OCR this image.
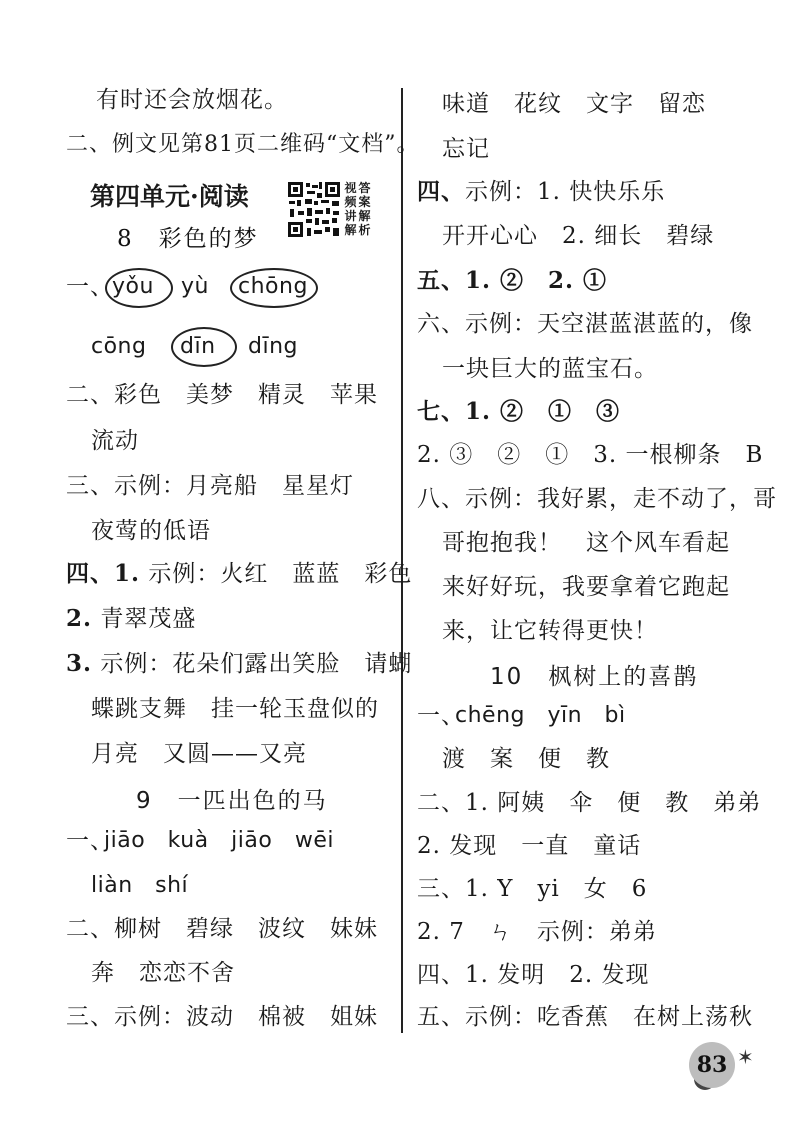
有时还会放烟花。
二、例文见第81页二维码“文档”。
第四单元·阅读	视频讲解
答案解析
8　彩色的梦
一、
yǒu yù chōng
cōng dīn dīng
二、彩色　美梦　精灵　苹果
流动
三、示例：月亮船　星星灯
夜莺的低语
四、1. 示例：火红　蓝蓝　彩色
2. 青翠茂盛
3. 示例：花朵们露出笑脸　请蝴
蝶跳支舞　挂一轮玉盘似的
月亮　又圆——又亮
9　一匹出色的马
一、
jiāo　kuà　jiāo　wēi
liàn　shí
二、柳树　碧绿　波纹　妹妹
奔　恋恋不舍
三、示例：波动　棉被　姐妹
味道　花纹　文字　留恋
忘记
四、示例：1. 快快乐乐
开开心心　2. 细长　碧绿
五、1. ②　2. ①
六、示例：天空湛蓝湛蓝的，像
一块巨大的蓝宝石。
七、1. ②　①　③
2. ③　②　①　3. 一根柳条　B
八、示例：我好累，走不动了，哥
哥抱抱我！　这个风车看起
来好好玩，我要拿着它跑起
来，让它转得更快！
10　枫树上的喜鹊
一、
chēng　yīn　bì
渡　案　便　教
二、1. 阿姨　伞　便　教　弟弟
2. 发现　一直　童话
三、1. Y　yi　女　6
2. 7　ㄣ　示例：弟弟
四、1. 发明　2. 发现
五、示例：吃香蕉　在树上荡秋
83 ✶
